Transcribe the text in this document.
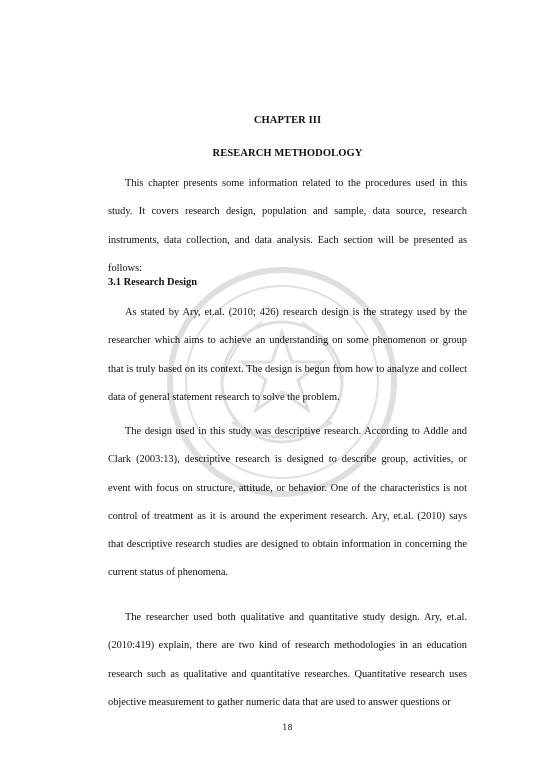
CHAPTER III
RESEARCH METHODOLOGY

This chapter presents some information related to the procedures used in this study. It covers research design, population and sample, data source, research instruments, data collection, and data analysis. Each section will be presented as follows:

3.1 Research Design

As stated by Ary, et.al. (2010; 426) research design is the strategy used by the researcher which aims to achieve an understanding on some phenomenon or group that is truly based on its context. The design is begun from how to analyze and collect data of general statement research to solve the problem.

The design used in this study was descriptive research. According to Addle and Clark (2003:13), descriptive research is designed to describe group, activities, or event with focus on structure, attitude, or behavior. One of the characteristics is not control of treatment as it is around the experiment research. Ary, et.al. (2010) says that descriptive research studies are designed to obtain information in concerning the current status of phenomena.

The researcher used both qualitative and quantitative study design. Ary, et.al. (2010:419) explain, there are two kind of research methodologies in an education research such as qualitative and quantitative researches. Quantitative research uses objective measurement to gather numeric data that are used to answer questions or

18
